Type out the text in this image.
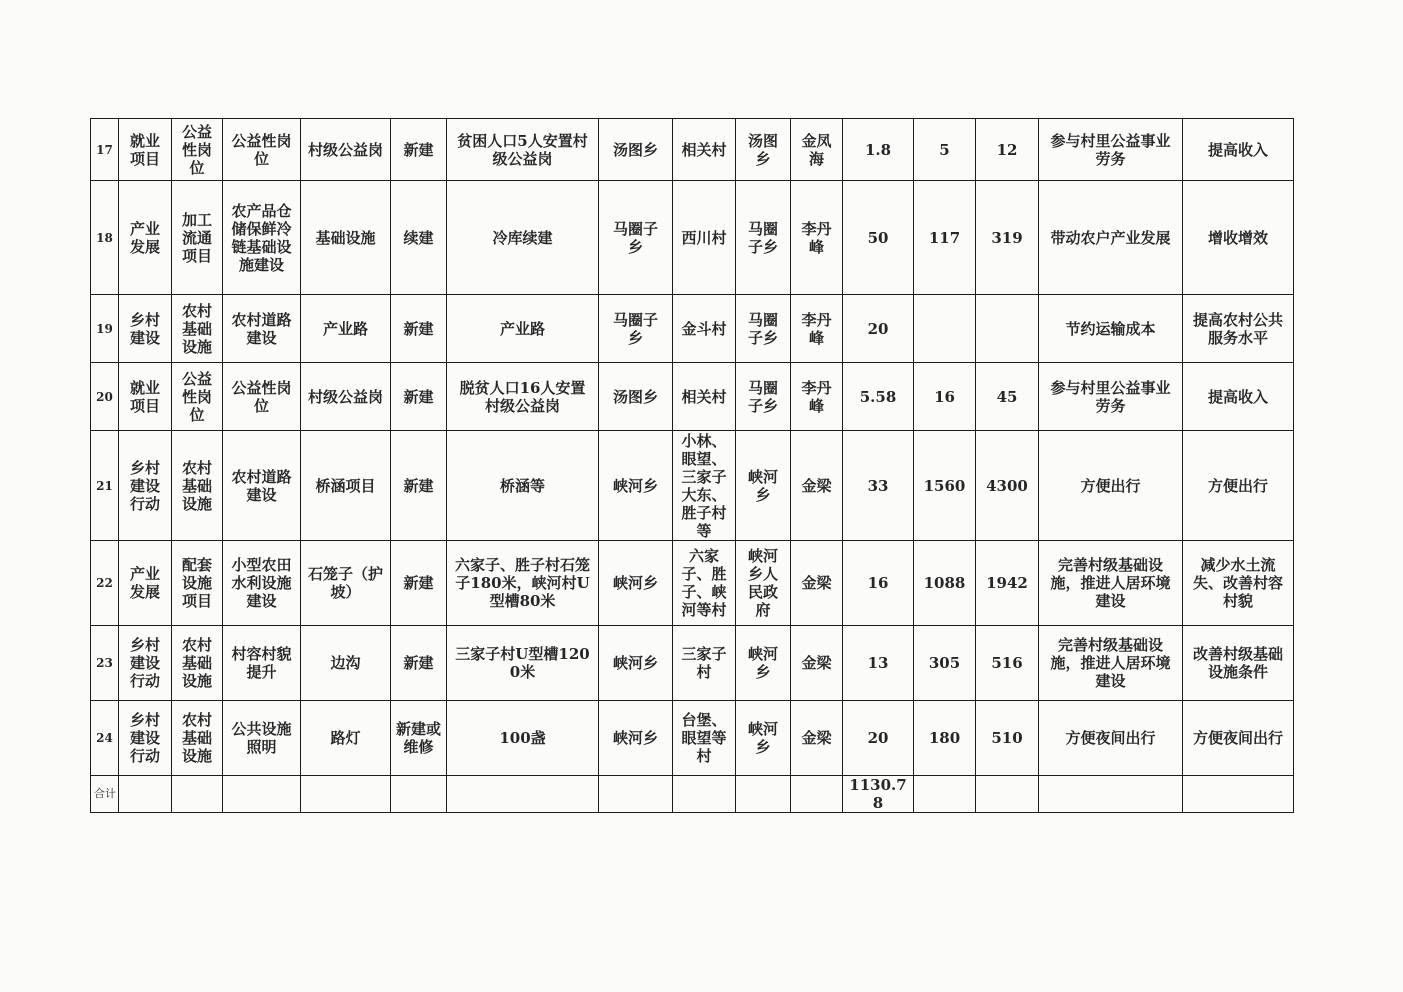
17	就业项目	公益性岗位	公益性岗位	村级公益岗	新建	贫困人口5人安置村级公益岗	汤图乡	相关村	汤图乡	金凤海	1.8	5	12	参与村里公益事业劳务	提高收入
18	产业发展	加工流通项目	农产品仓储保鲜冷链基础设施建设	基础设施	续建	冷库续建	马圈子乡	西川村	马圈子乡	李丹峰	50	117	319	带动农户产业发展	增收增效
19	乡村建设	农村基础设施	农村道路建设	产业路	新建	产业路	马圈子乡	金斗村	马圈子乡	李丹峰	20			节约运输成本	提高农村公共服务水平
20	就业项目	公益性岗位	公益性岗位	村级公益岗	新建	脱贫人口16人安置村级公益岗	汤图乡	相关村	马圈子乡	李丹峰	5.58	16	45	参与村里公益事业劳务	提高收入
21	乡村建设行动	农村基础设施	农村道路建设	桥涵项目	新建	桥涵等	峡河乡	小林、眼望、三家子大东、胜子村等	峡河乡	金梁	33	1560	4300	方便出行	方便出行
22	产业发展	配套设施项目	小型农田水利设施建设	石笼子（护坡）	新建	六家子、胜子村石笼子180米，峡河村U型槽80米	峡河乡	六家子、胜子、峡河等村	峡河乡人民政府	金梁	16	1088	1942	完善村级基础设施，推进人居环境建设	减少水土流失、改善村容村貌
23	乡村建设行动	农村基础设施	村容村貌提升	边沟	新建	三家子村U型槽1200米	峡河乡	三家子村	峡河乡	金梁	13	305	516	完善村级基础设施，推进人居环境建设	改善村级基础设施条件
24	乡村建设行动	农村基础设施	公共设施照明	路灯	新建或维修	100盏	峡河乡	台堡、眼望等村	峡河乡	金梁	20	180	510	方便夜间出行	方便夜间出行
合计											1130.78				
